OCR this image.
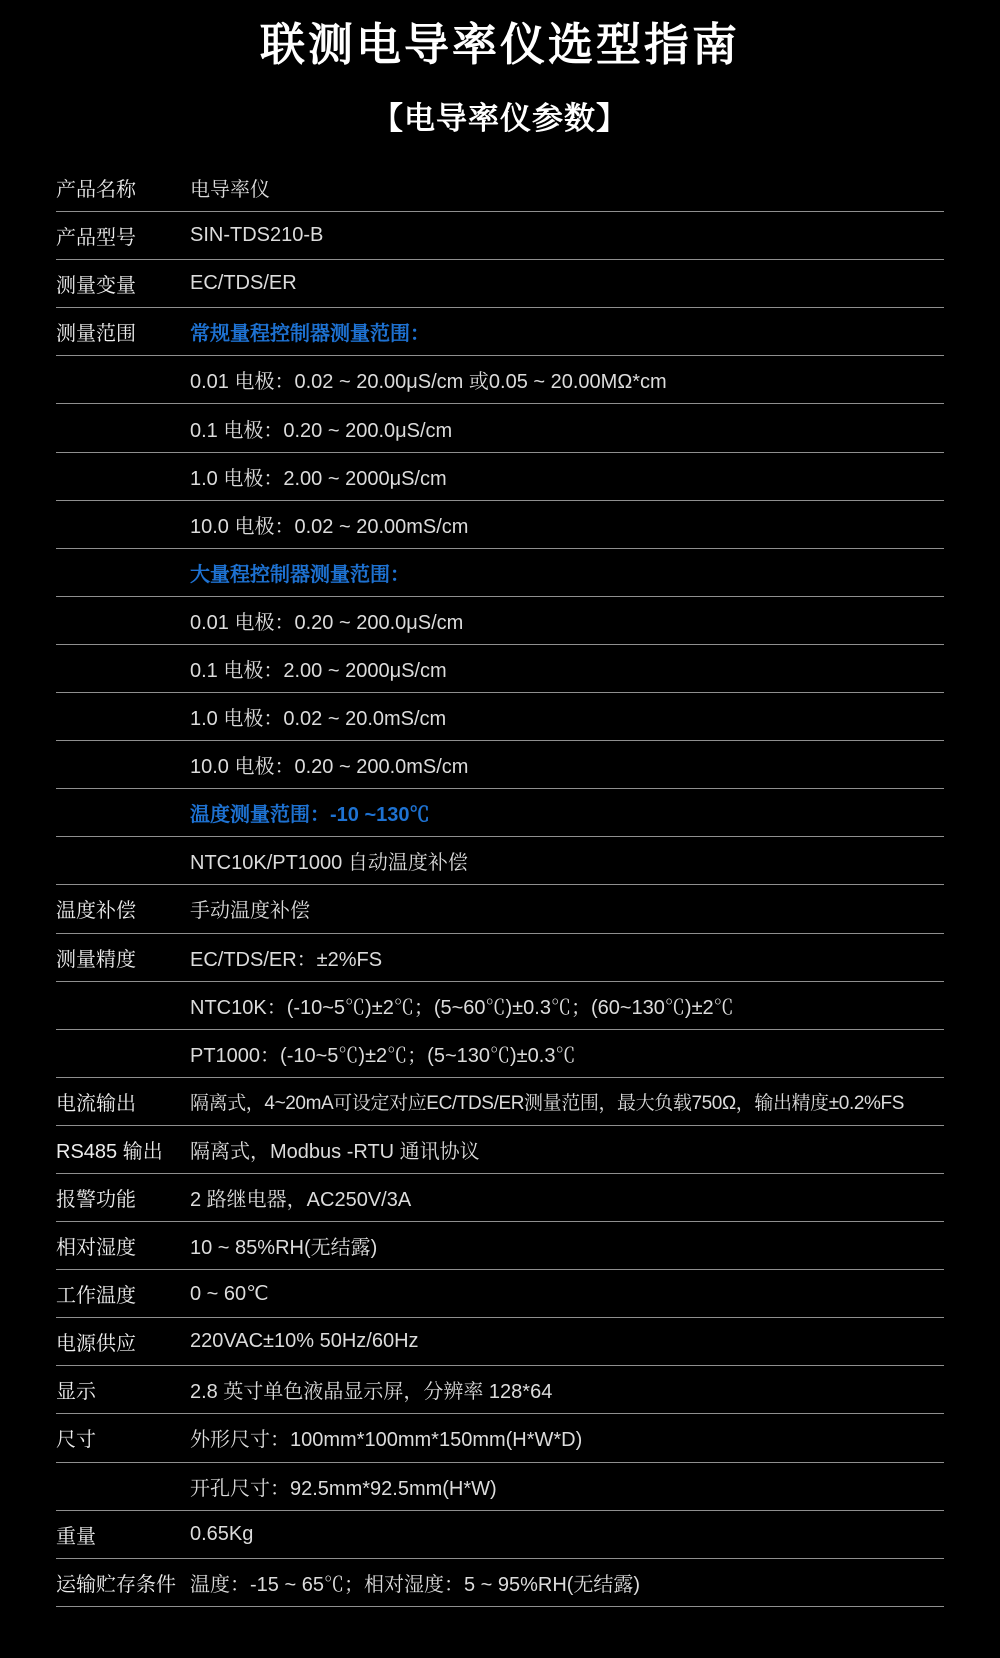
联测电导率仪选型指南
【电导率仪参数】
产品名称	电导率仪
产品型号	SIN-TDS210-B
测量变量	EC/TDS/ER
测量范围	常规量程控制器测量范围：
0.01 电极：0.02 ~ 20.00μS/cm 或0.05 ~ 20.00MΩ*cm
0.1 电极：0.20 ~ 200.0μS/cm
1.0 电极：2.00 ~ 2000μS/cm
10.0 电极：0.02 ~ 20.00mS/cm
大量程控制器测量范围：
0.01 电极：0.20 ~ 200.0μS/cm
0.1 电极：2.00 ~ 2000μS/cm
1.0 电极：0.02 ~ 20.0mS/cm
10.0 电极：0.20 ~ 200.0mS/cm
温度测量范围：-10 ~130℃
NTC10K/PT1000 自动温度补偿
温度补偿	手动温度补偿
测量精度	EC/TDS/ER：±2%FS
NTC10K：(-10~5℃)±2℃；(5~60℃)±0.3℃；(60~130℃)±2℃
PT1000：(-10~5℃)±2℃；(5~130℃)±0.3℃
电流输出	隔离式，4~20mA可设定对应EC/TDS/ER测量范围，最大负载750Ω，输出精度±0.2%FS
RS485 输出	隔离式，Modbus -RTU 通讯协议
报警功能	2 路继电器，AC250V/3A
相对湿度	10 ~ 85%RH(无结露)
工作温度	0 ~ 60℃
电源供应	220VAC±10% 50Hz/60Hz
显示	2.8 英寸单色液晶显示屏，分辨率 128*64
尺寸	外形尺寸：100mm*100mm*150mm(H*W*D)
开孔尺寸：92.5mm*92.5mm(H*W)
重量	0.65Kg
运输贮存条件 温度：-15 ~ 65℃；相对湿度：5 ~ 95%RH(无结露)
